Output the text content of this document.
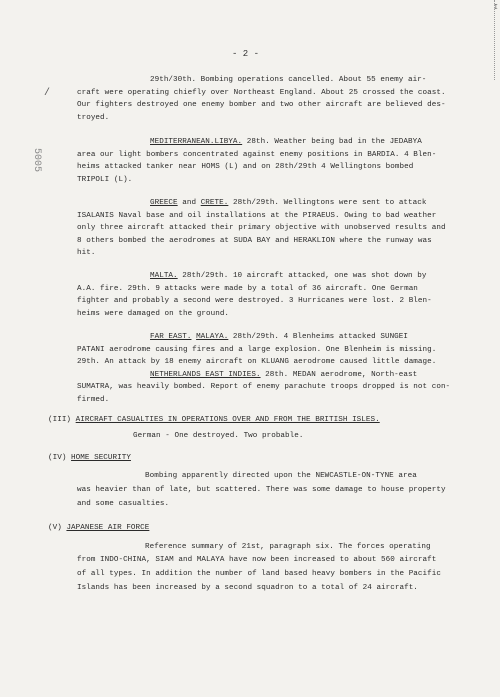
I
- 2 -
/
5005
29th/30th. Bombing operations cancelled. About 55 enemy air-
craft were operating chiefly over Northeast England. About 25 crossed the coast.
Our fighters destroyed one enemy bomber and two other aircraft are believed des-
troyed.
MEDITERRANEAN.LIBYA. 28th. Weather being bad in the JEDABYA
area our light bombers concentrated against enemy positions in BARDIA. 4 Blen-
heims attacked tanker near HOMS (L) and on 28th/29th 4 Wellingtons bombed
TRIPOLI (L).
GREECE and CRETE. 28th/29th. Wellingtons were sent to attack
ISALANIS Naval base and oil installations at the PIRAEUS. Owing to bad weather
only three aircraft attacked their primary objective with unobserved results and
8 others bombed the aerodromes at SUDA BAY and HERAKLION where the runway was
hit.
MALTA. 28th/29th. 10 aircraft attacked, one was shot down by
A.A. fire. 29th. 9 attacks were made by a total of 36 aircraft. One German
fighter and probably a second were destroyed. 3 Hurricanes were lost. 2 Blen-
heims were damaged on the ground.
FAR EAST. MALAYA. 28th/29th. 4 Blenheims attacked SUNGEI
PATANI aerodrome causing fires and a large explosion. One Blenheim is missing.
29th. An attack by 18 enemy aircraft on KLUANG aerodrome caused little damage.
NETHERLANDS EAST INDIES. 28th. MEDAN aerodrome, North-east
SUMATRA, was heavily bombed. Report of enemy parachute troops dropped is not con-
firmed.
(III) AIRCRAFT CASUALTIES IN OPERATIONS OVER AND FROM THE BRITISH ISLES.
German - One destroyed. Two probable.
(IV) HOME SECURITY
Bombing apparently directed upon the NEWCASTLE-ON-TYNE area
was heavier than of late, but scattered. There was some damage to house property
and some casualties.
(V) JAPANESE AIR FORCE
Reference summary of 21st, paragraph six. The forces operating
from INDO-CHINA, SIAM and MALAYA have now been increased to about 560 aircraft
of all types. In addition the number of land based heavy bombers in the Pacific
Islands has been increased by a second squadron to a total of 24 aircraft.
